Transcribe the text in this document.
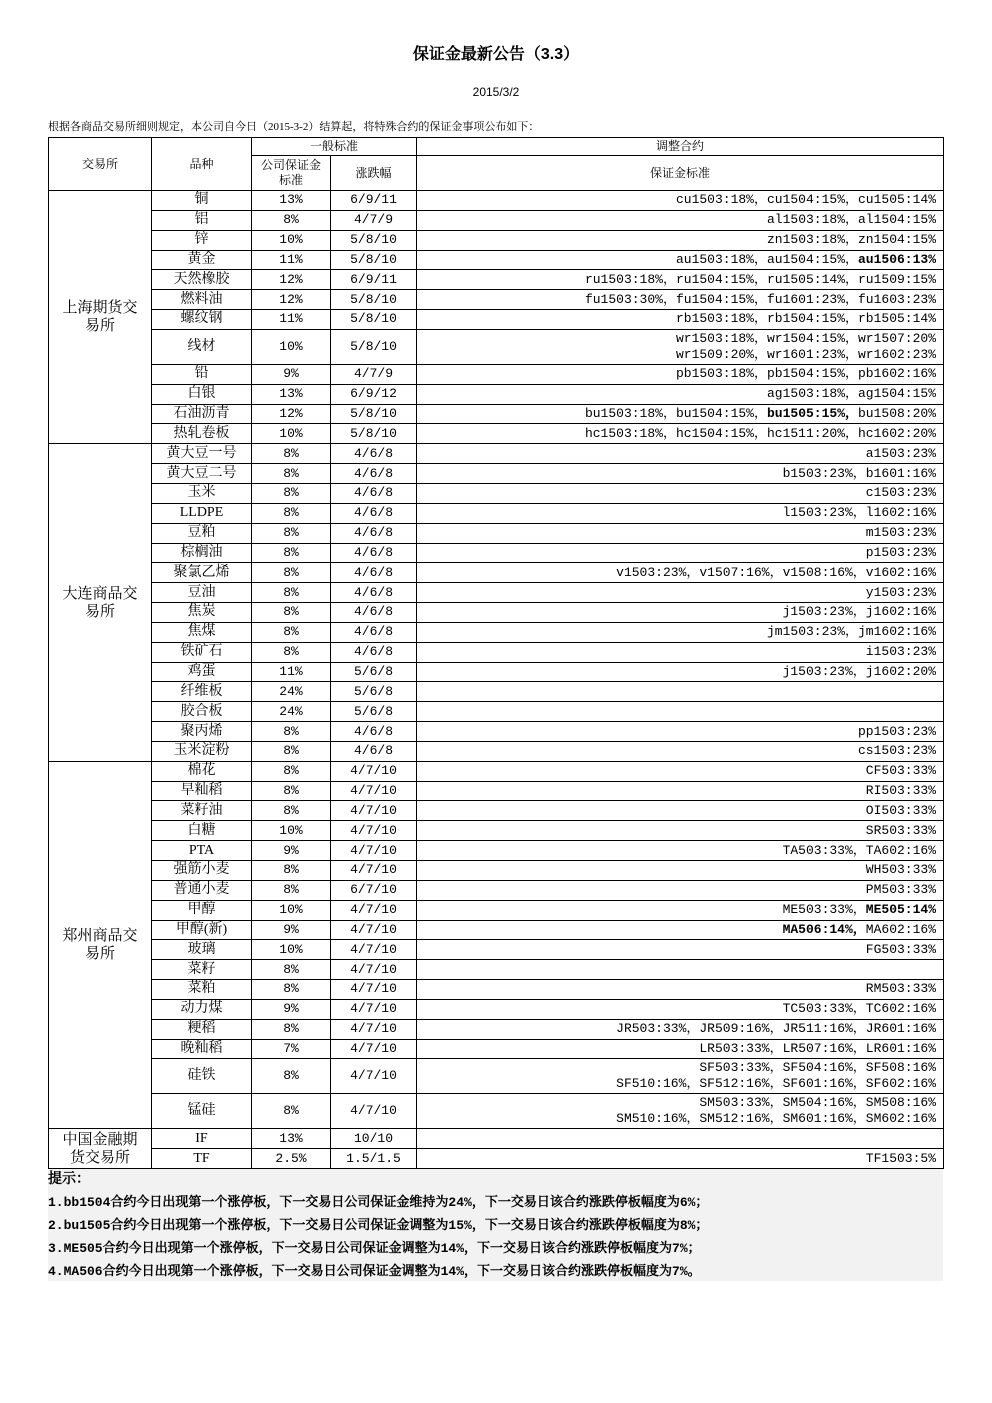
保证金最新公告（3.3）
2015/3/2
根据各商品交易所细则规定，本公司自今日（2015-3-2）结算起，将特殊合约的保证金事项公布如下：
交易所	品种	一般标准		调整合约
		公司保证金标准	涨跌幅	保证金标准
上海期货交易所	铜	13%	6/9/11	cu1503:18%，cu1504:15%，cu1505:14%

	铝	8%	4/7/9	al1503:18%，al1504:15%

	锌	10%	5/8/10	zn1503:18%，zn1504:15%

	黄金	11%	5/8/10	au1503:18%，au1504:15%，au1506:13%

	天然橡胶	12%	6/9/11	ru1503:18%，ru1504:15%，ru1505:14%，ru1509:15%

	燃料油	12%	5/8/10	fu1503:30%，fu1504:15%，fu1601:23%，fu1603:23%

	螺纹钢	11%	5/8/10	rb1503:18%，rb1504:15%，rb1505:14%

	线材	10%	5/8/10	wr1503:18%，wr1504:15%，wr1507:20%
wr1509:20%，wr1601:23%，wr1602:23%

	铅	9%	4/7/9	pb1503:18%，pb1504:15%，pb1602:16%

	白银	13%	6/9/12	ag1503:18%，ag1504:15%

	石油沥青	12%	5/8/10	bu1503:18%，bu1504:15%，bu1505:15%，bu1508:20%

	热轧卷板	10%	5/8/10	hc1503:18%，hc1504:15%，hc1511:20%，hc1602:20%

大连商品交易所	黄大豆一号	8%	4/6/8	a1503:23%

	黄大豆二号	8%	4/6/8	b1503:23%，b1601:16%

	玉米	8%	4/6/8	c1503:23%

	LLDPE	8%	4/6/8	l1503:23%，l1602:16%

	豆粕	8%	4/6/8	m1503:23%

	棕榈油	8%	4/6/8	p1503:23%

	聚氯乙烯	8%	4/6/8	v1503:23%，v1507:16%，v1508:16%，v1602:16%

	豆油	8%	4/6/8	y1503:23%

	焦炭	8%	4/6/8	j1503:23%，j1602:16%

	焦煤	8%	4/6/8	jm1503:23%，jm1602:16%

	铁矿石	8%	4/6/8	i1503:23%

	鸡蛋	11%	5/6/8	j1503:23%，j1602:20%

	纤维板	24%	5/6/8	
	胶合板	24%	5/6/8	
	聚丙烯	8%	4/6/8	pp1503:23%

	玉米淀粉	8%	4/6/8	cs1503:23%

郑州商品交易所	棉花	8%	4/7/10	CF503:33%

	早籼稻	8%	4/7/10	RI503:33%

	菜籽油	8%	4/7/10	OI503:33%

	白糖	10%	4/7/10	SR503:33%

	PTA	9%	4/7/10	TA503:33%，TA602:16%

	强筋小麦	8%	4/7/10	WH503:33%

	普通小麦	8%	6/7/10	PM503:33%

	甲醇	10%	4/7/10	ME503:33%，ME505:14%

	甲醇(新)	9%	4/7/10	MA506:14%，MA602:16%

	玻璃	10%	4/7/10	FG503:33%

	菜籽	8%	4/7/10	
	菜粕	8%	4/7/10	RM503:33%

	动力煤	9%	4/7/10	TC503:33%，TC602:16%

	粳稻	8%	4/7/10	JR503:33%，JR509:16%，JR511:16%，JR601:16%

	晚籼稻	7%	4/7/10	LR503:33%，LR507:16%，LR601:16%

	硅铁	8%	4/7/10	SF503:33%，SF504:16%，SF508:16%
SF510:16%，SF512:16%，SF601:16%，SF602:16%

	锰硅	8%	4/7/10	SM503:33%，SM504:16%，SM508:16%
SM510:16%，SM512:16%，SM601:16%，SM602:16%

中国金融期货交易所	IF	13%	10/10	
	TF	2.5%	1.5/1.5	TF1503:5%
提示：
1.bb1504合约今日出现第一个涨停板，下一交易日公司保证金维持为24%，下一交易日该合约涨跌停板幅度为6%；
2.bu1505合约今日出现第一个涨停板，下一交易日公司保证金调整为15%，下一交易日该合约涨跌停板幅度为8%；
3.ME505合约今日出现第一个涨停板，下一交易日公司保证金调整为14%，下一交易日该合约涨跌停板幅度为7%；
4.MA506合约今日出现第一个涨停板，下一交易日公司保证金调整为14%，下一交易日该合约涨跌停板幅度为7%。
